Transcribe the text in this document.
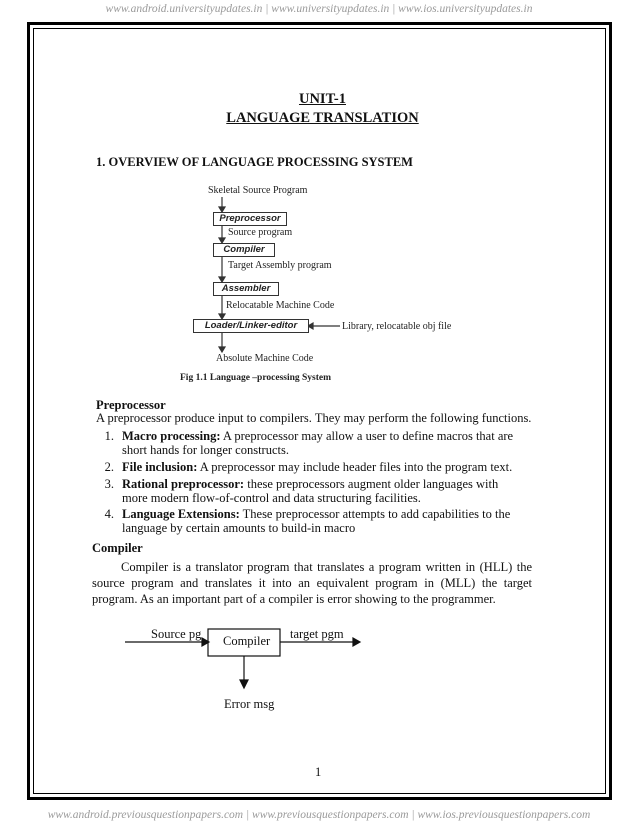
www.android.universityupdates.in | www.universityupdates.in | www.ios.universityupdates.in
UNIT-1
LANGUAGE TRANSLATION
1. OVERVIEW OF LANGUAGE PROCESSING SYSTEM
Skeletal Source Program
Preprocessor
Source program
Compiler
Target Assembly program
Assembler
Relocatable Machine Code
Loader/Linker-editor	Library, relocatable obj file
Absolute Machine Code
Fig 1.1 Language –processing System
Preprocessor
A preprocessor produce input to compilers. They may perform the following functions.
1. Macro processing: A preprocessor may allow a user to define macros that are
short hands for longer constructs.
2. File inclusion: A preprocessor may include header files into the program text.
3. Rational preprocessor: these preprocessors augment older languages with
more modern flow-of-control and data structuring facilities.
4. Language Extensions: These preprocessor attempts to add capabilities to the
language by certain amounts to build-in macro
Compiler
Compiler is a translator program that translates a program written in (HLL) the source program and translates it into an equivalent program in (MLL) the target program. As an important part of a compiler is error showing to the programmer.
Source pg Compiler target pgm
Error msg
1
www.android.previousquestionpapers.com | www.previousquestionpapers.com | www.ios.previousquestionpapers.com
